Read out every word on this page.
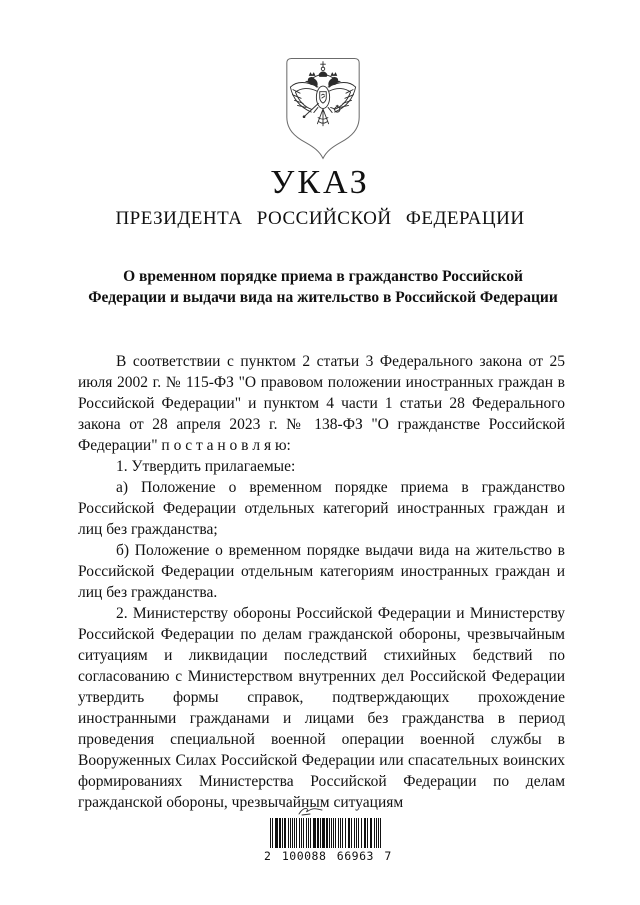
УКАЗ
ПРЕЗИДЕНТА РОССИЙСКОЙ ФЕДЕРАЦИИ
О временном порядке приема в гражданство Российской Федерации и выдачи вида на жительство в Российской Федерации

В соответствии с пунктом 2 статьи 3 Федерального закона от 25 июля 2002 г. № 115-ФЗ "О правовом положении иностранных граждан в Российской Федерации" и пунктом 4 части 1 статьи 28 Федерального закона от 28 апреля 2023 г. № 138-ФЗ "О гражданстве Российской Федерации" п о с т а н о в л я ю:

1. Утвердить прилагаемые:

а) Положение о временном порядке приема в гражданство Российской Федерации отдельных категорий иностранных граждан и лиц без гражданства;

б) Положение о временном порядке выдачи вида на жительство в Российской Федерации отдельным категориям иностранных граждан и лиц без гражданства.

2. Министерству обороны Российской Федерации и Министерству Российской Федерации по делам гражданской обороны, чрезвычайным ситуациям и ликвидации последствий стихийных бедствий по согласованию с Министерством внутренних дел Российской Федерации утвердить формы справок, подтверждающих прохождение иностранными гражданами и лицами без гражданства в период проведения специальной военной операции военной службы в Вооруженных Силах Российской Федерации или спасательных воинских формированиях Министерства Российской Федерации по делам гражданской обороны, чрезвычайным ситуациям

2 100088 66963 7
